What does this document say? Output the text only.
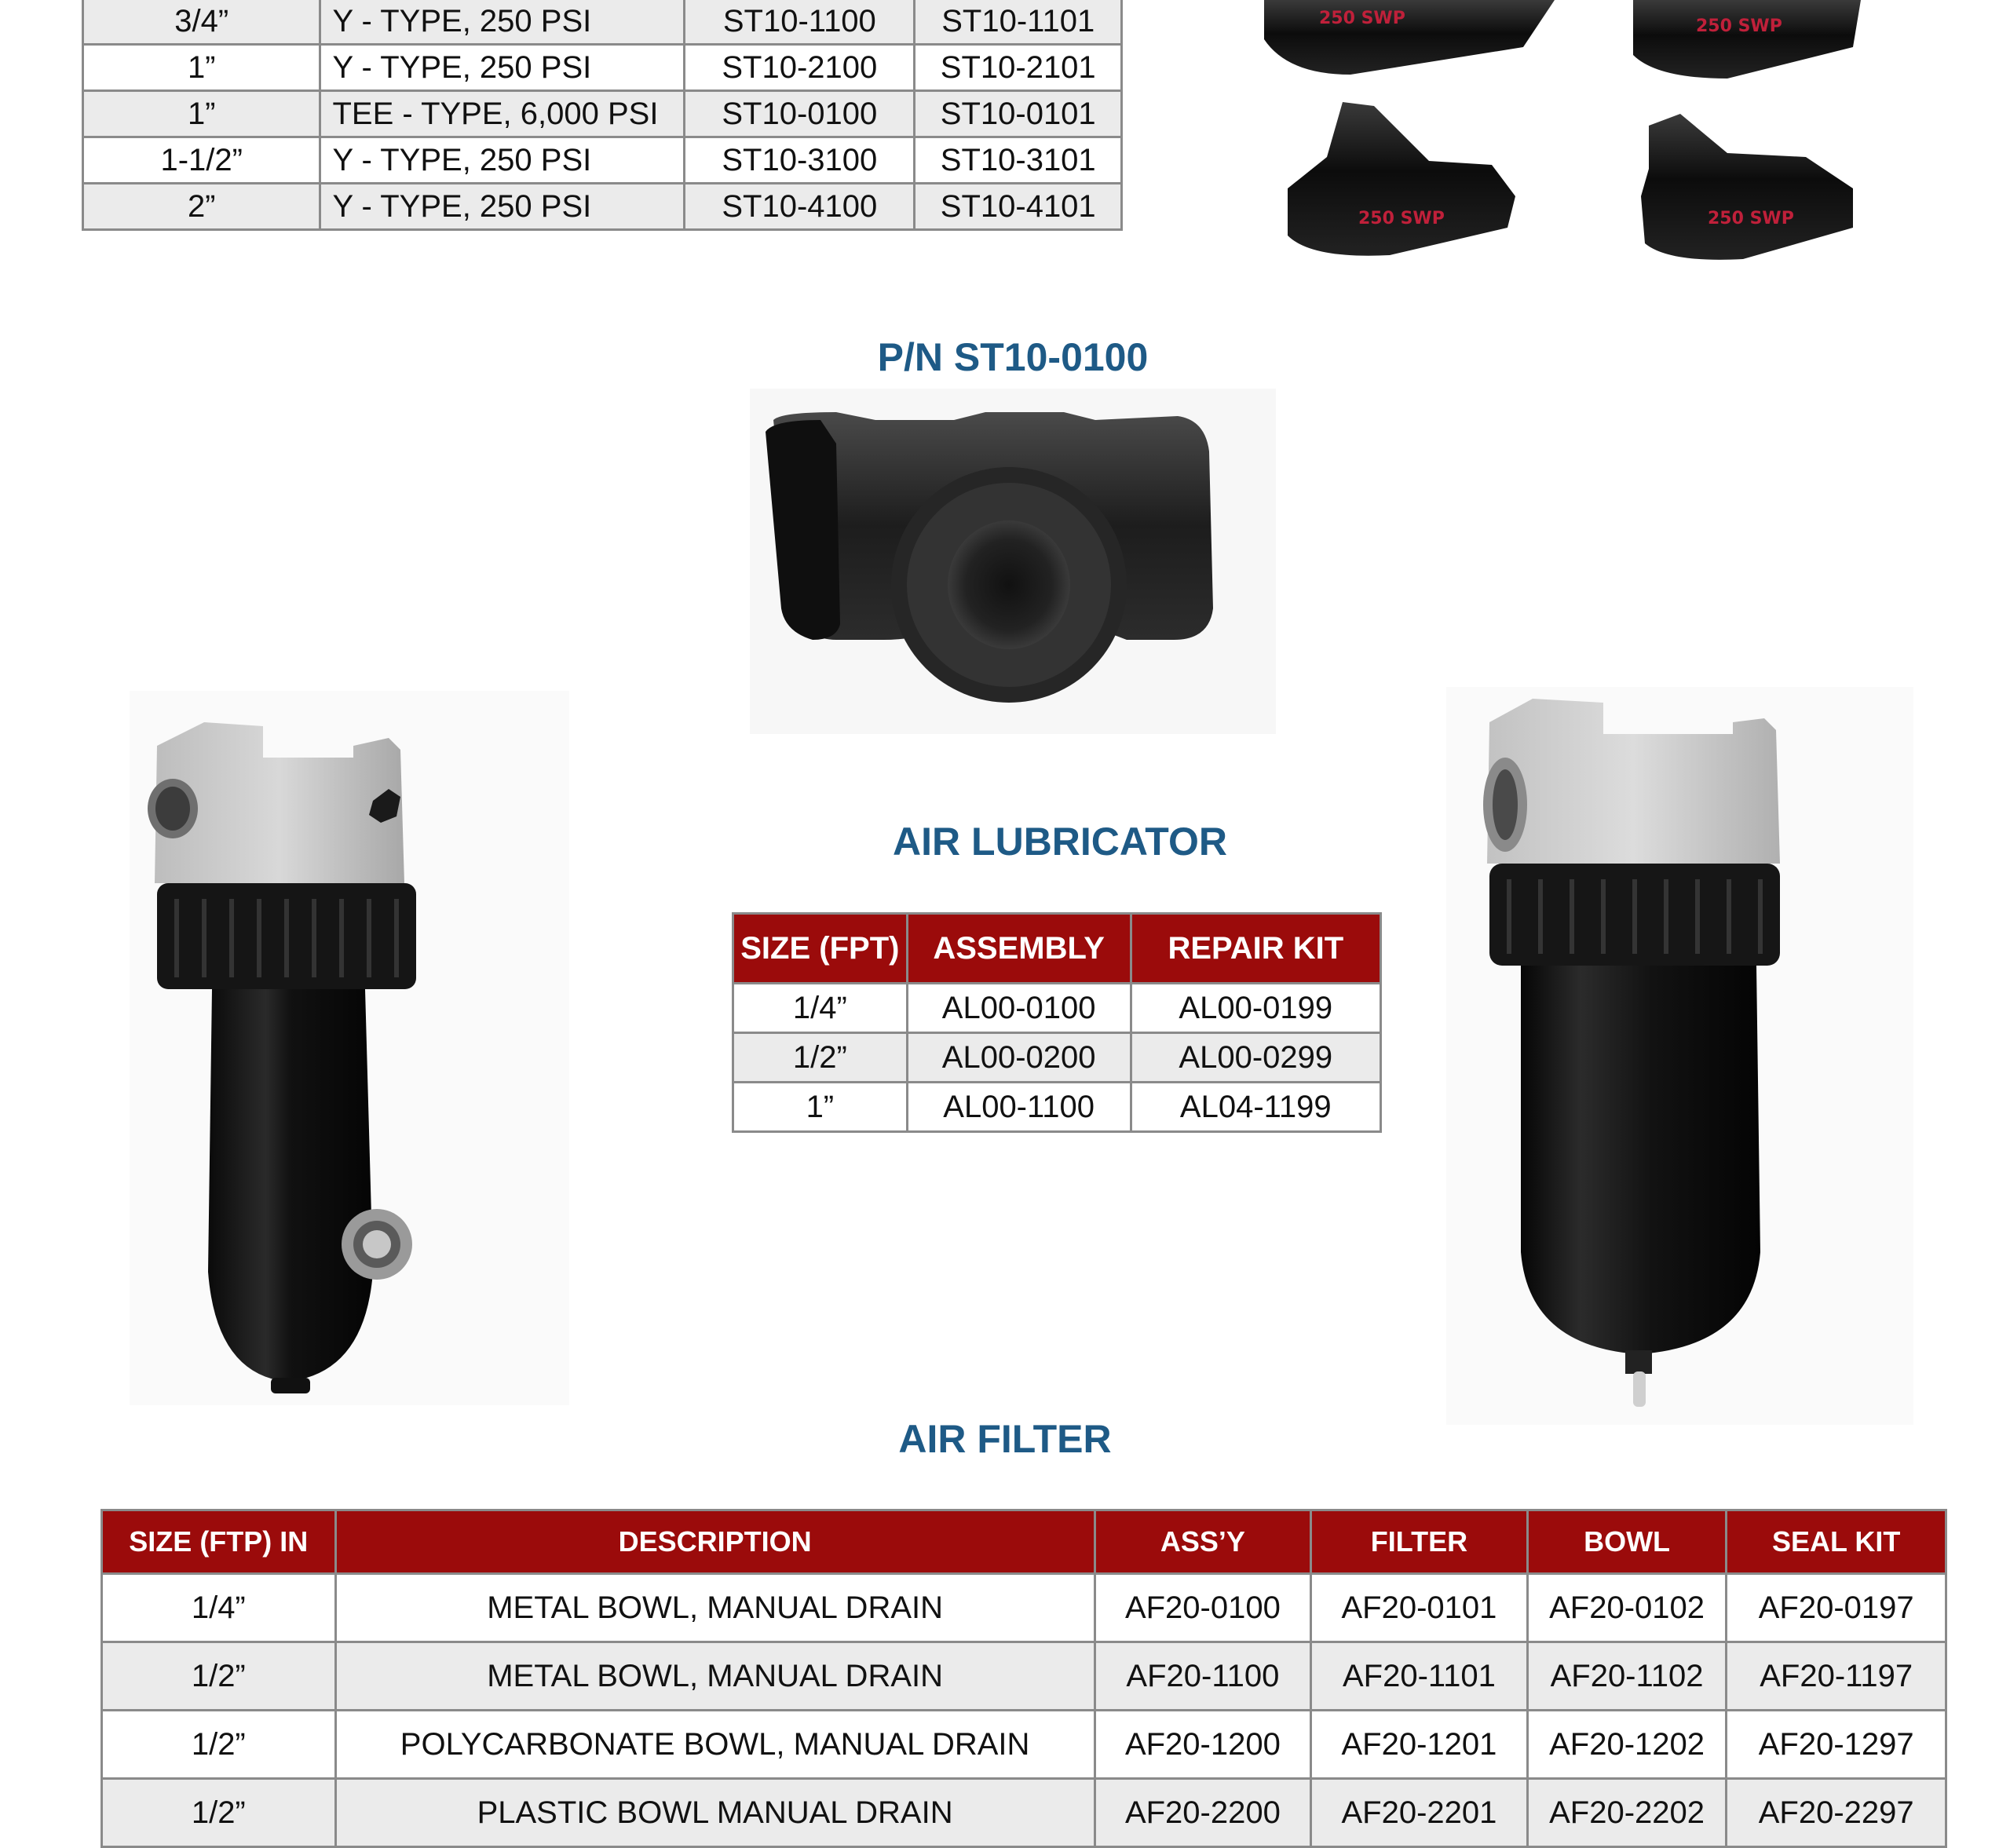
3/4”	Y - TYPE, 250 PSI	ST10-1100	ST10-1101
1”	Y - TYPE, 250 PSI	ST10-2100	ST10-2101
1”	TEE - TYPE, 6,000 PSI	ST10-0100	ST10-0101
1-1/2”	Y - TYPE, 250 PSI	ST10-3100	ST10-3101
2”	Y - TYPE, 250 PSI	ST10-4100	ST10-4101
250 SWP	250 SWP
250 SWP	250 SWP
P/N ST10-0100
AIR LUBRICATOR
SIZE (FPT)	ASSEMBLY	REPAIR KIT
1/4”	AL00-0100	AL00-0199
1/2”	AL00-0200	AL00-0299
1”	AL00-1100	AL04-1199
AIR FILTER
SIZE (FTP) IN	DESCRIPTION	ASS’Y	FILTER	BOWL	SEAL KIT
1/4”	METAL BOWL, MANUAL DRAIN	AF20-0100	AF20-0101	AF20-0102	AF20-0197
1/2”	METAL BOWL, MANUAL DRAIN	AF20-1100	AF20-1101	AF20-1102	AF20-1197
1/2”	POLYCARBONATE BOWL, MANUAL DRAIN	AF20-1200	AF20-1201	AF20-1202	AF20-1297
1/2”	PLASTIC BOWL MANUAL DRAIN	AF20-2200	AF20-2201	AF20-2202	AF20-2297
